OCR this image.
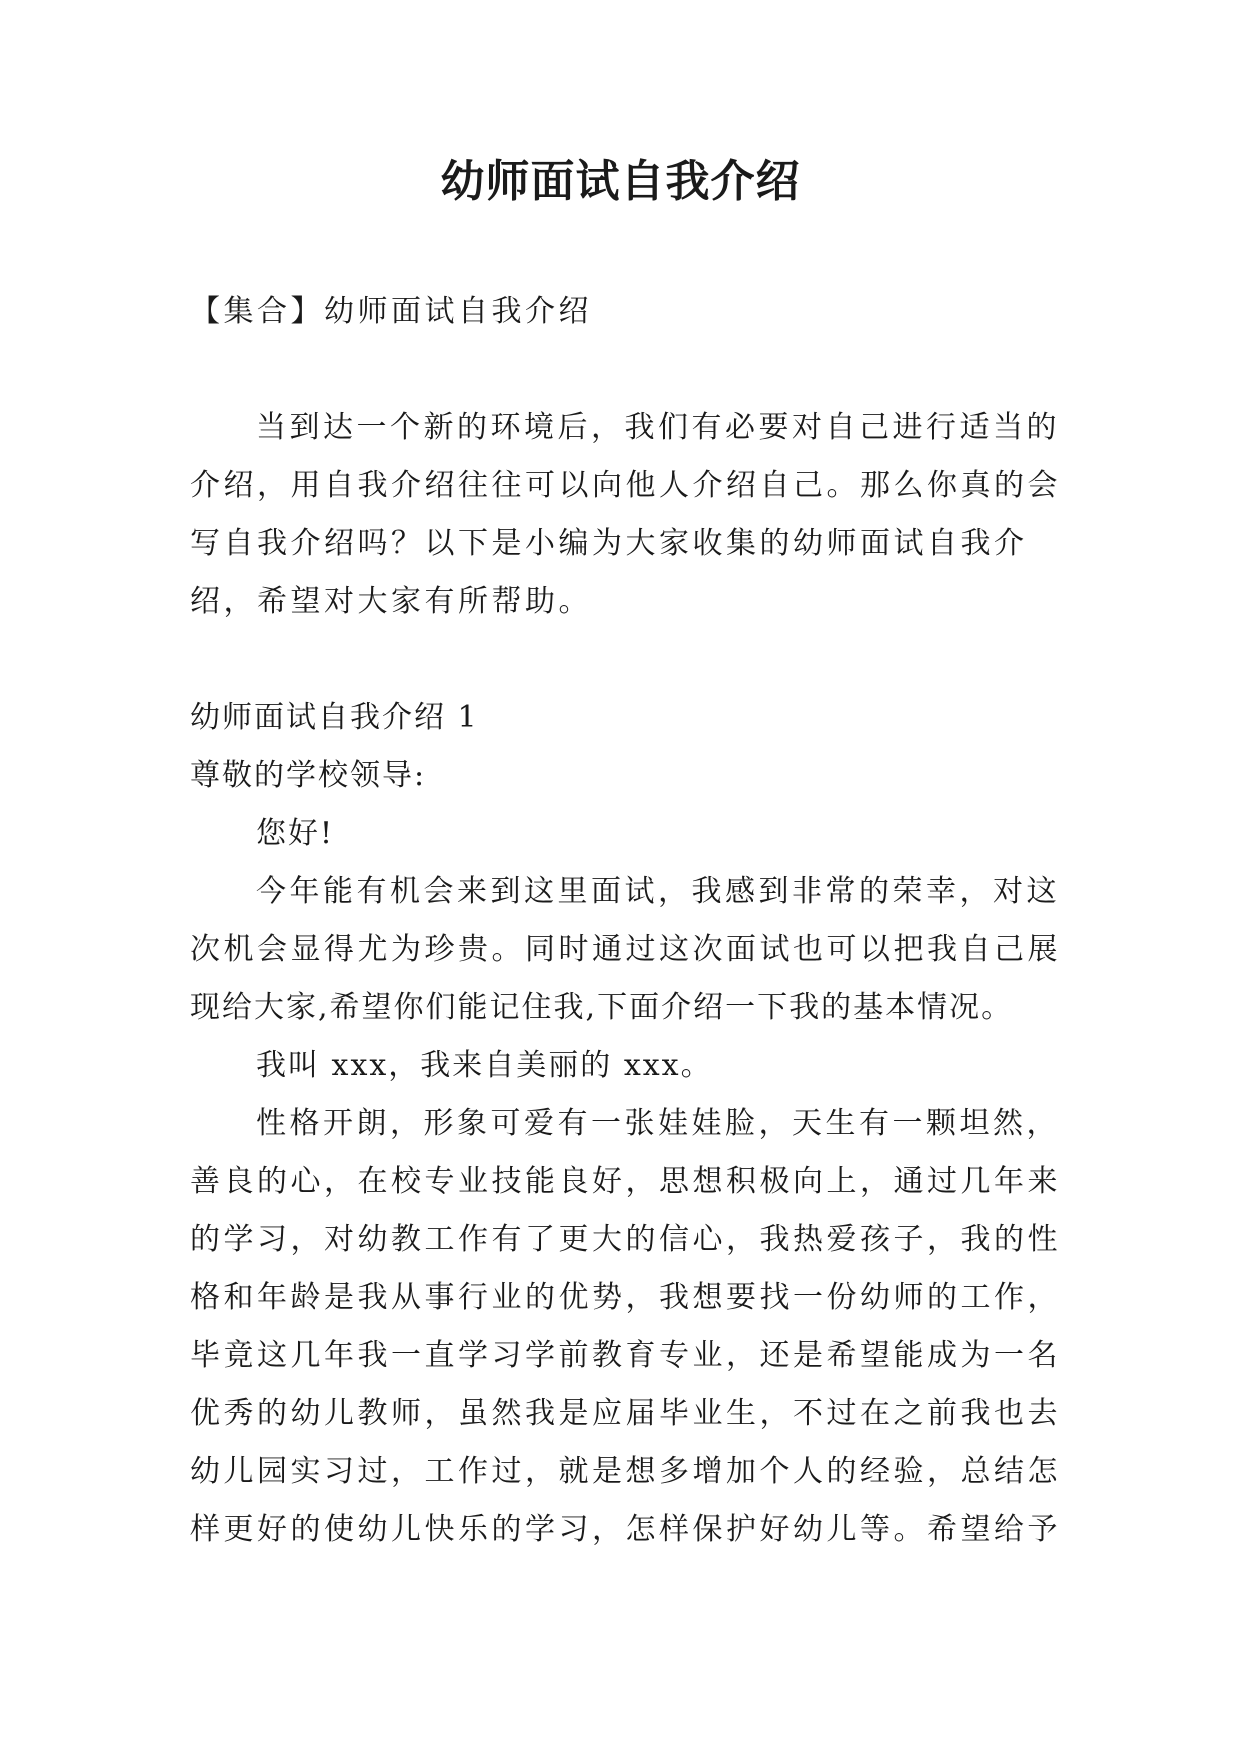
幼师面试自我介绍
【集合】幼师面试自我介绍
当到达一个新的环境后，我们有必要对自己进行适当的
介绍，用自我介绍往往可以向他人介绍自己。那么你真的会
写自我介绍吗？以下是小编为大家收集的幼师面试自我介
绍，希望对大家有所帮助。
幼师面试自我介绍 1
尊敬的学校领导:
您好!
今年能有机会来到这里面试，我感到非常的荣幸，对这
次机会显得尤为珍贵。同时通过这次面试也可以把我自己展
现给大家,希望你们能记住我,下面介绍一下我的基本情况。
我叫 xxx，我来自美丽的 xxx。
性格开朗，形象可爱有一张娃娃脸，天生有一颗坦然，
善良的心，在校专业技能良好，思想积极向上，通过几年来
的学习，对幼教工作有了更大的信心，我热爱孩子，我的性
格和年龄是我从事行业的优势，我想要找一份幼师的工作，
毕竟这几年我一直学习学前教育专业，还是希望能成为一名
优秀的幼儿教师，虽然我是应届毕业生，不过在之前我也去
幼儿园实习过，工作过，就是想多增加个人的经验，总结怎
样更好的使幼儿快乐的学习，怎样保护好幼儿等。希望给予
